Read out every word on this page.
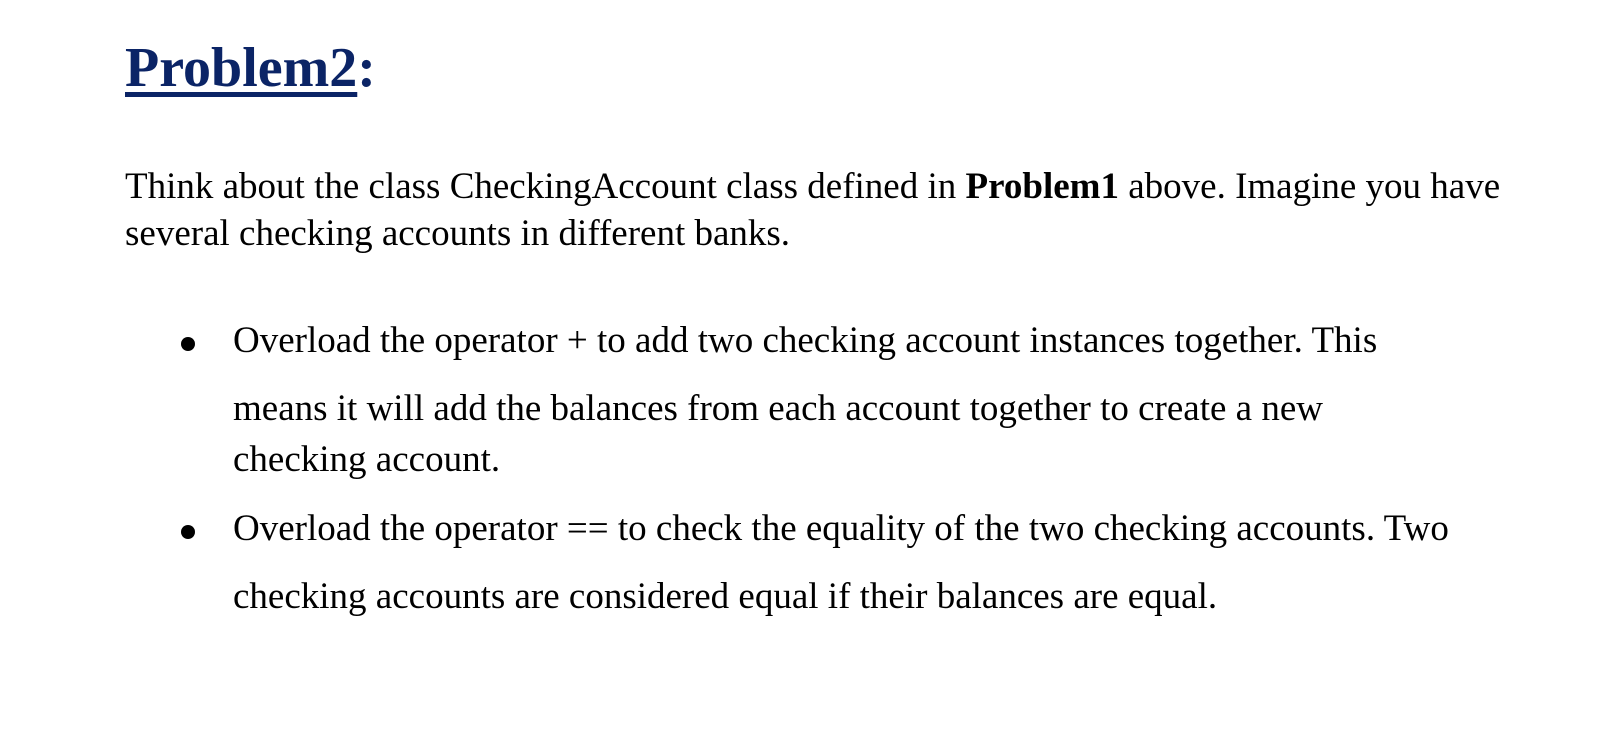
Problem2:

Think about the class CheckingAccount class defined in Problem1 above. Imagine you have several checking accounts in different banks.

Overload the operator + to add two checking account instances together. This
means it will add the balances from each account together to create a new
checking account.
Overload the operator == to check the equality of the two checking accounts. Two
checking accounts are considered equal if their balances are equal.
